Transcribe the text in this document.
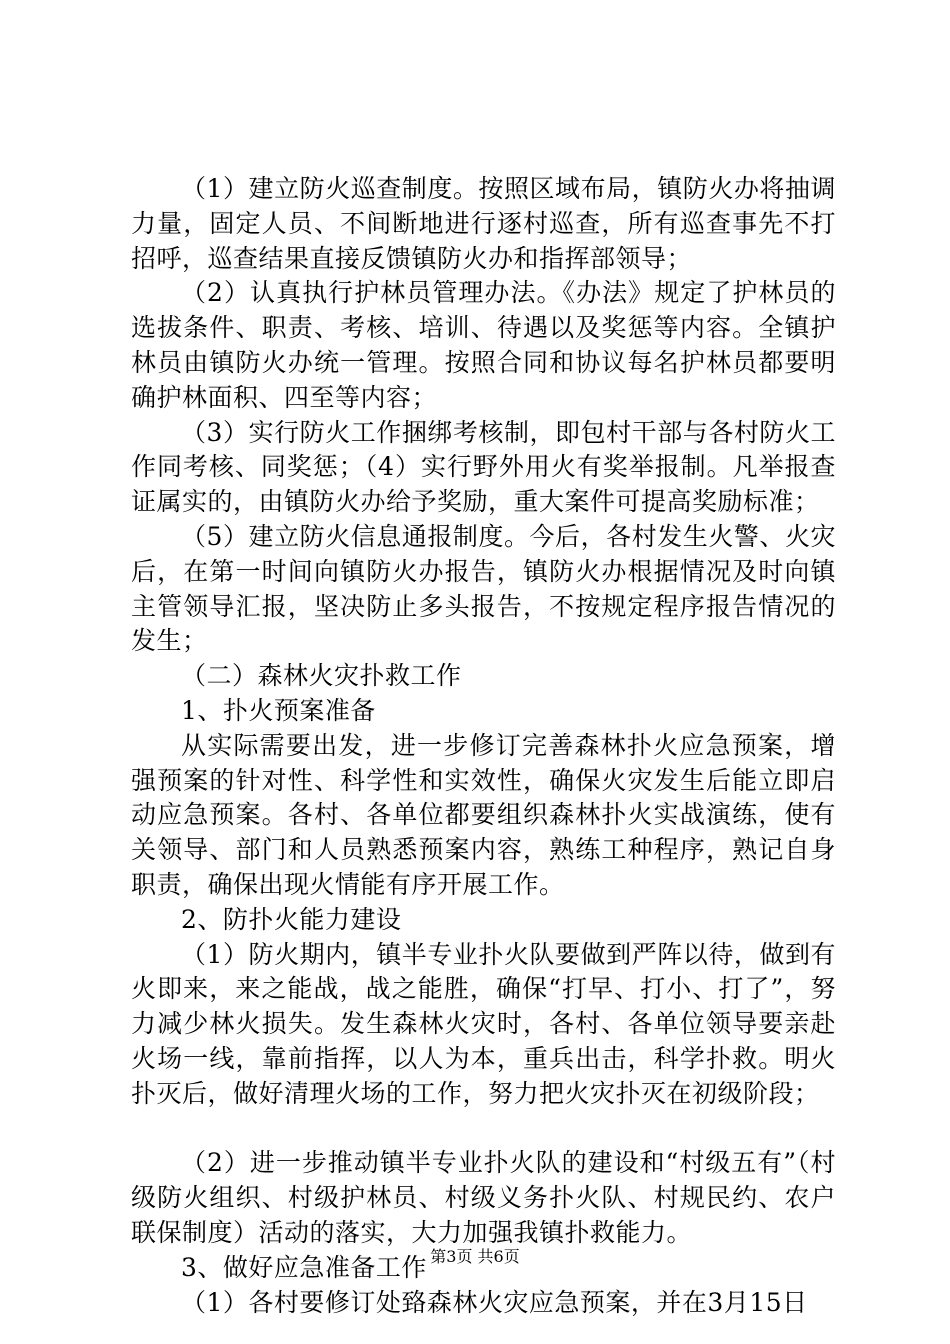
（1）建立防火巡查制度。按照区域布局，镇防火办将抽调力量，固定人员、不间断地进行逐村巡查，所有巡查事先不打招呼，巡查结果直接反馈镇防火办和指挥部领导；

（2）认真执行护林员管理办法。《办法》规定了护林员的选拔条件、职责、考核、培训、待遇以及奖惩等内容。全镇护林员由镇防火办统一管理。按照合同和协议每名护林员都要明确护林面积、四至等内容；

（3）实行防火工作捆绑考核制，即包村干部与各村防火工作同考核、同奖惩；（4）实行野外用火有奖举报制。凡举报查证属实的，由镇防火办给予奖励，重大案件可提高奖励标准；

（5）建立防火信息通报制度。今后，各村发生火警、火灾后，在第一时间向镇防火办报告，镇防火办根据情况及时向镇主管领导汇报，坚决防止多头报告，不按规定程序报告情况的发生；

（二）森林火灾扑救工作

1、扑火预案准备

从实际需要出发，进一步修订完善森林扑火应急预案，增强预案的针对性、科学性和实效性，确保火灾发生后能立即启动应急预案。各村、各单位都要组织森林扑火实战演练，使有关领导、部门和人员熟悉预案内容，熟练工种程序，熟记自身职责，确保出现火情能有序开展工作。

2、防扑火能力建设

（1）防火期内，镇半专业扑火队要做到严阵以待，做到有火即来，来之能战，战之能胜，确保“打早、打小、打了”，努力减少林火损失。发生森林火灾时，各村、各单位领导要亲赴火场一线，靠前指挥，以人为本，重兵出击，科学扑救。明火扑灭后，做好清理火场的工作，努力把火灾扑灭在初级阶段；

（2）进一步推动镇半专业扑火队的建设和“村级五有”（村级防火组织、村级护林员、村级义务扑火队、村规民约、农户联保制度）活动的落实，大力加强我镇扑救能力。

3、做好应急准备工作

（1）各村要修订处臵森林火灾应急预案，并在3月15日

第3页 共6页
